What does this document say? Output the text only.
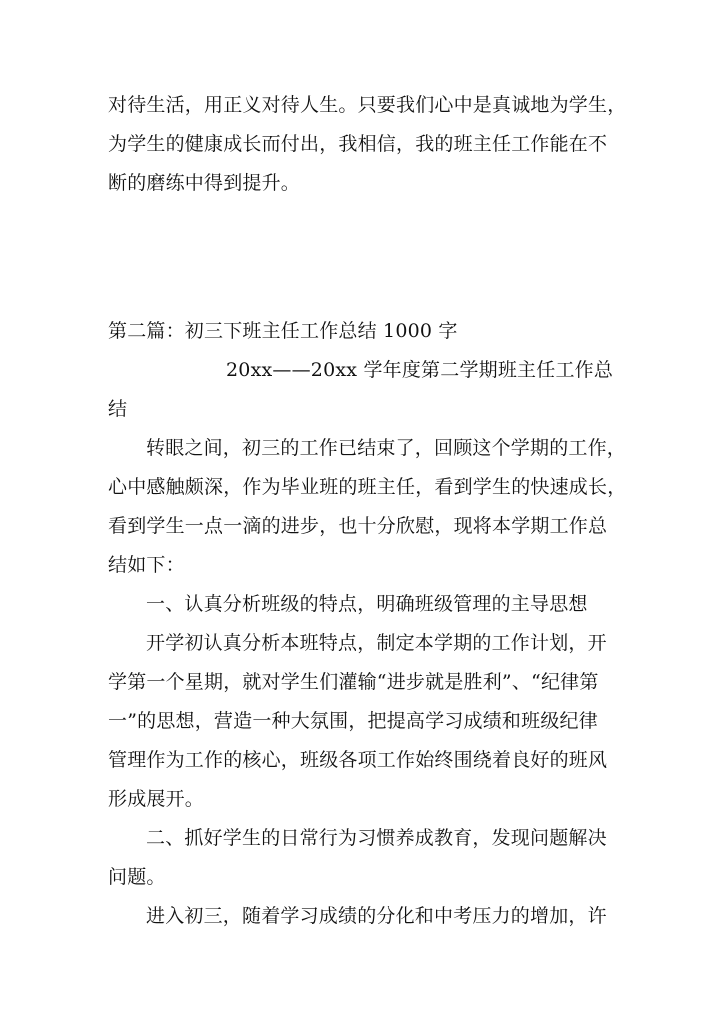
对待生活，用正义对待人生。只要我们心中是真诚地为学生，
为学生的健康成长而付出，我相信，我的班主任工作能在不
断的磨练中得到提升。
第二篇：初三下班主任工作总结 1000 字
20xx——20xx 学年度第二学期班主任工作总
结
转眼之间，初三的工作已结束了，回顾这个学期的工作，
心中感触颇深，作为毕业班的班主任，看到学生的快速成长，
看到学生一点一滴的进步，也十分欣慰，现将本学期工作总
结如下：
一、认真分析班级的特点，明确班级管理的主导思想
开学初认真分析本班特点，制定本学期的工作计划，开
学第一个星期，就对学生们灌输“进步就是胜利”、“纪律第
一”的思想，营造一种大氛围，把提高学习成绩和班级纪律
管理作为工作的核心，班级各项工作始终围绕着良好的班风
形成展开。
二、抓好学生的日常行为习惯养成教育，发现问题解决
问题。
进入初三，随着学习成绩的分化和中考压力的增加，许
